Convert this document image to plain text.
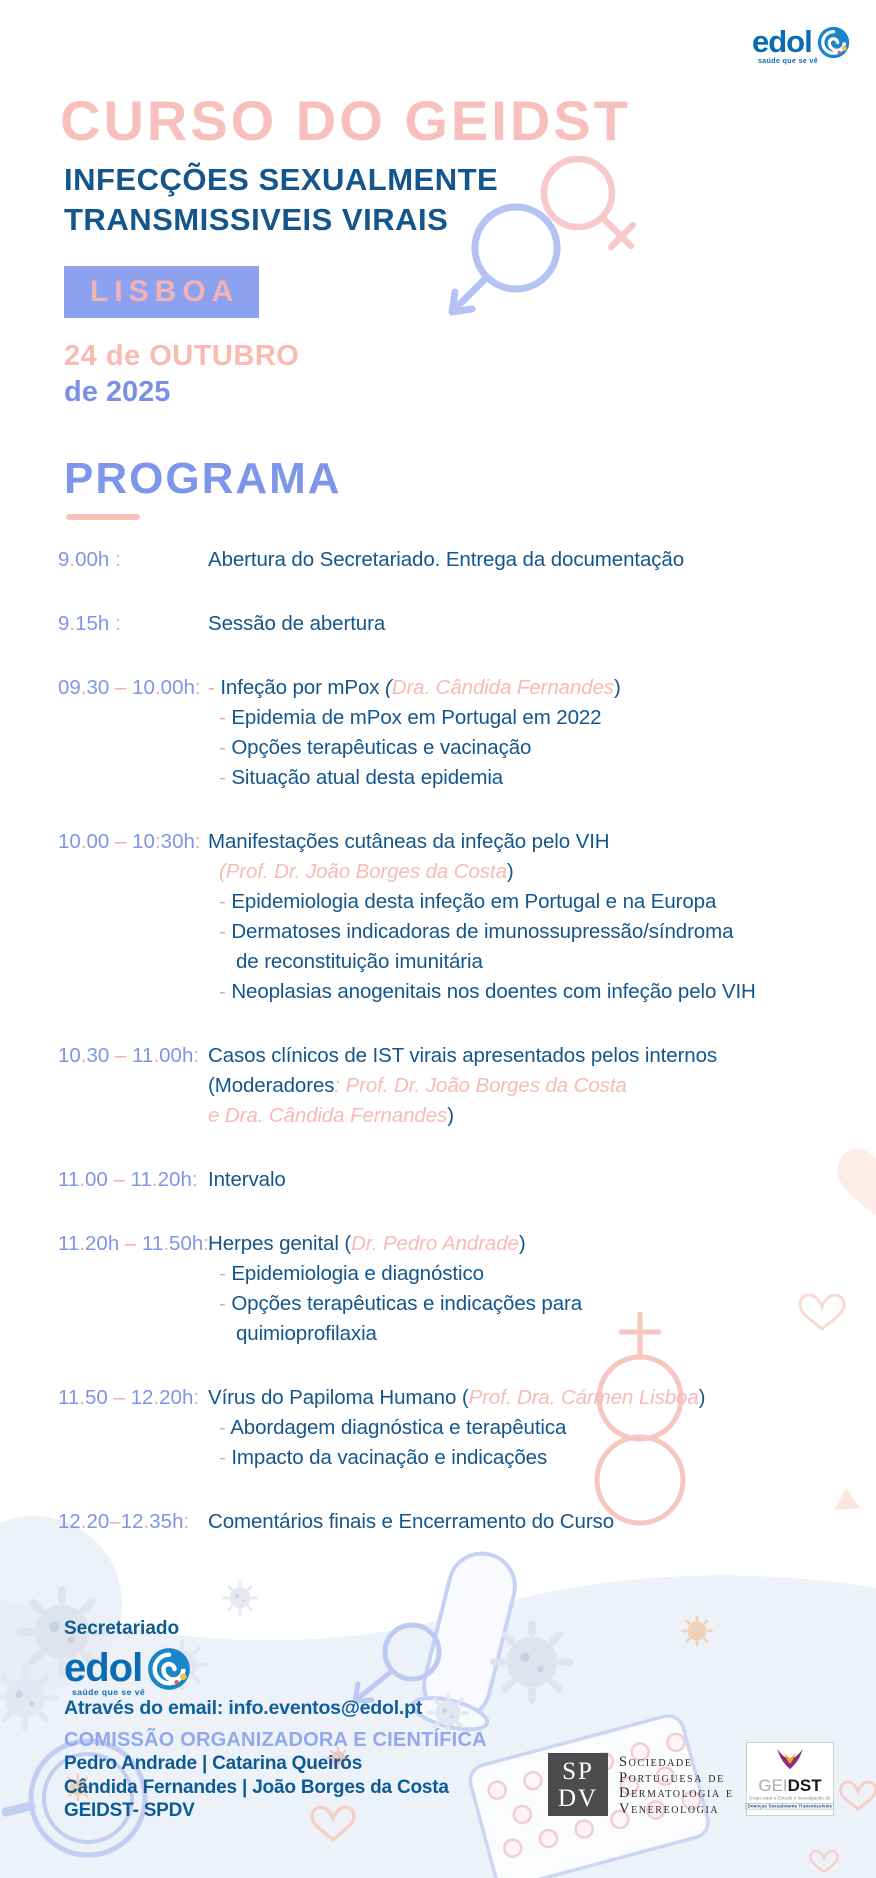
edol
saúde que se vê
CURSO DO GEIDST
INFECÇÕES SEXUALMENTE
TRANSMISSIVEIS VIRAIS
LISBOA
24 de OUTUBRO
de 2025
PROGRAMA
9.00h :	Abertura do Secretariado. Entrega da documentação
9.15h :	Sessão de abertura
09.30 – 10.00h: - Infeção por mPox (Dra. Cândida Fernandes)
- Epidemia de mPox em Portugal em 2022
- Opções terapêuticas e vacinação
- Situação atual desta epidemia
10.00 – 10:30h: Manifestações cutâneas da infeção pelo VIH
(Prof. Dr. João Borges da Costa)
- Epidemiologia desta infeção em Portugal e na Europa
- Dermatoses indicadoras de imunossupressão/síndroma
de reconstituição imunitária
- Neoplasias anogenitais nos doentes com infeção pelo VIH
10.30 – 11.00h: Casos clínicos de IST virais apresentados pelos internos
(Moderadores: Prof. Dr. João Borges da Costa
e Dra. Cândida Fernandes)
11.00 – 11.20h: Intervalo
11.20h – 11.50h: Herpes genital (Dr. Pedro Andrade)
- Epidemiologia e diagnóstico
- Opções terapêuticas e indicações para
quimioprofilaxia
11.50 – 12.20h: Vírus do Papiloma Humano (Prof. Dra. Cármen Lisboa)
- Abordagem diagnóstica e terapêutica
- Impacto da vacinação e indicações
12.20–12.35h: Comentários finais e Encerramento do Curso
Secretariado
edol
saúde que se vê
Através do email: info.eventos@edol.pt
COMISSÃO ORGANIZADORA E CIENTÍFICA
Pedro Andrade | Catarina Queirós
Cândida Fernandes | João Borges da Costa
GEIDST- SPDV
SP
DV
Sociedade
Portuguesa de
Dermatologia e
Venereologia
GEIDST
Grupo para o Estudo e Investigação de
Doenças Sexualmente Transmissíveis
